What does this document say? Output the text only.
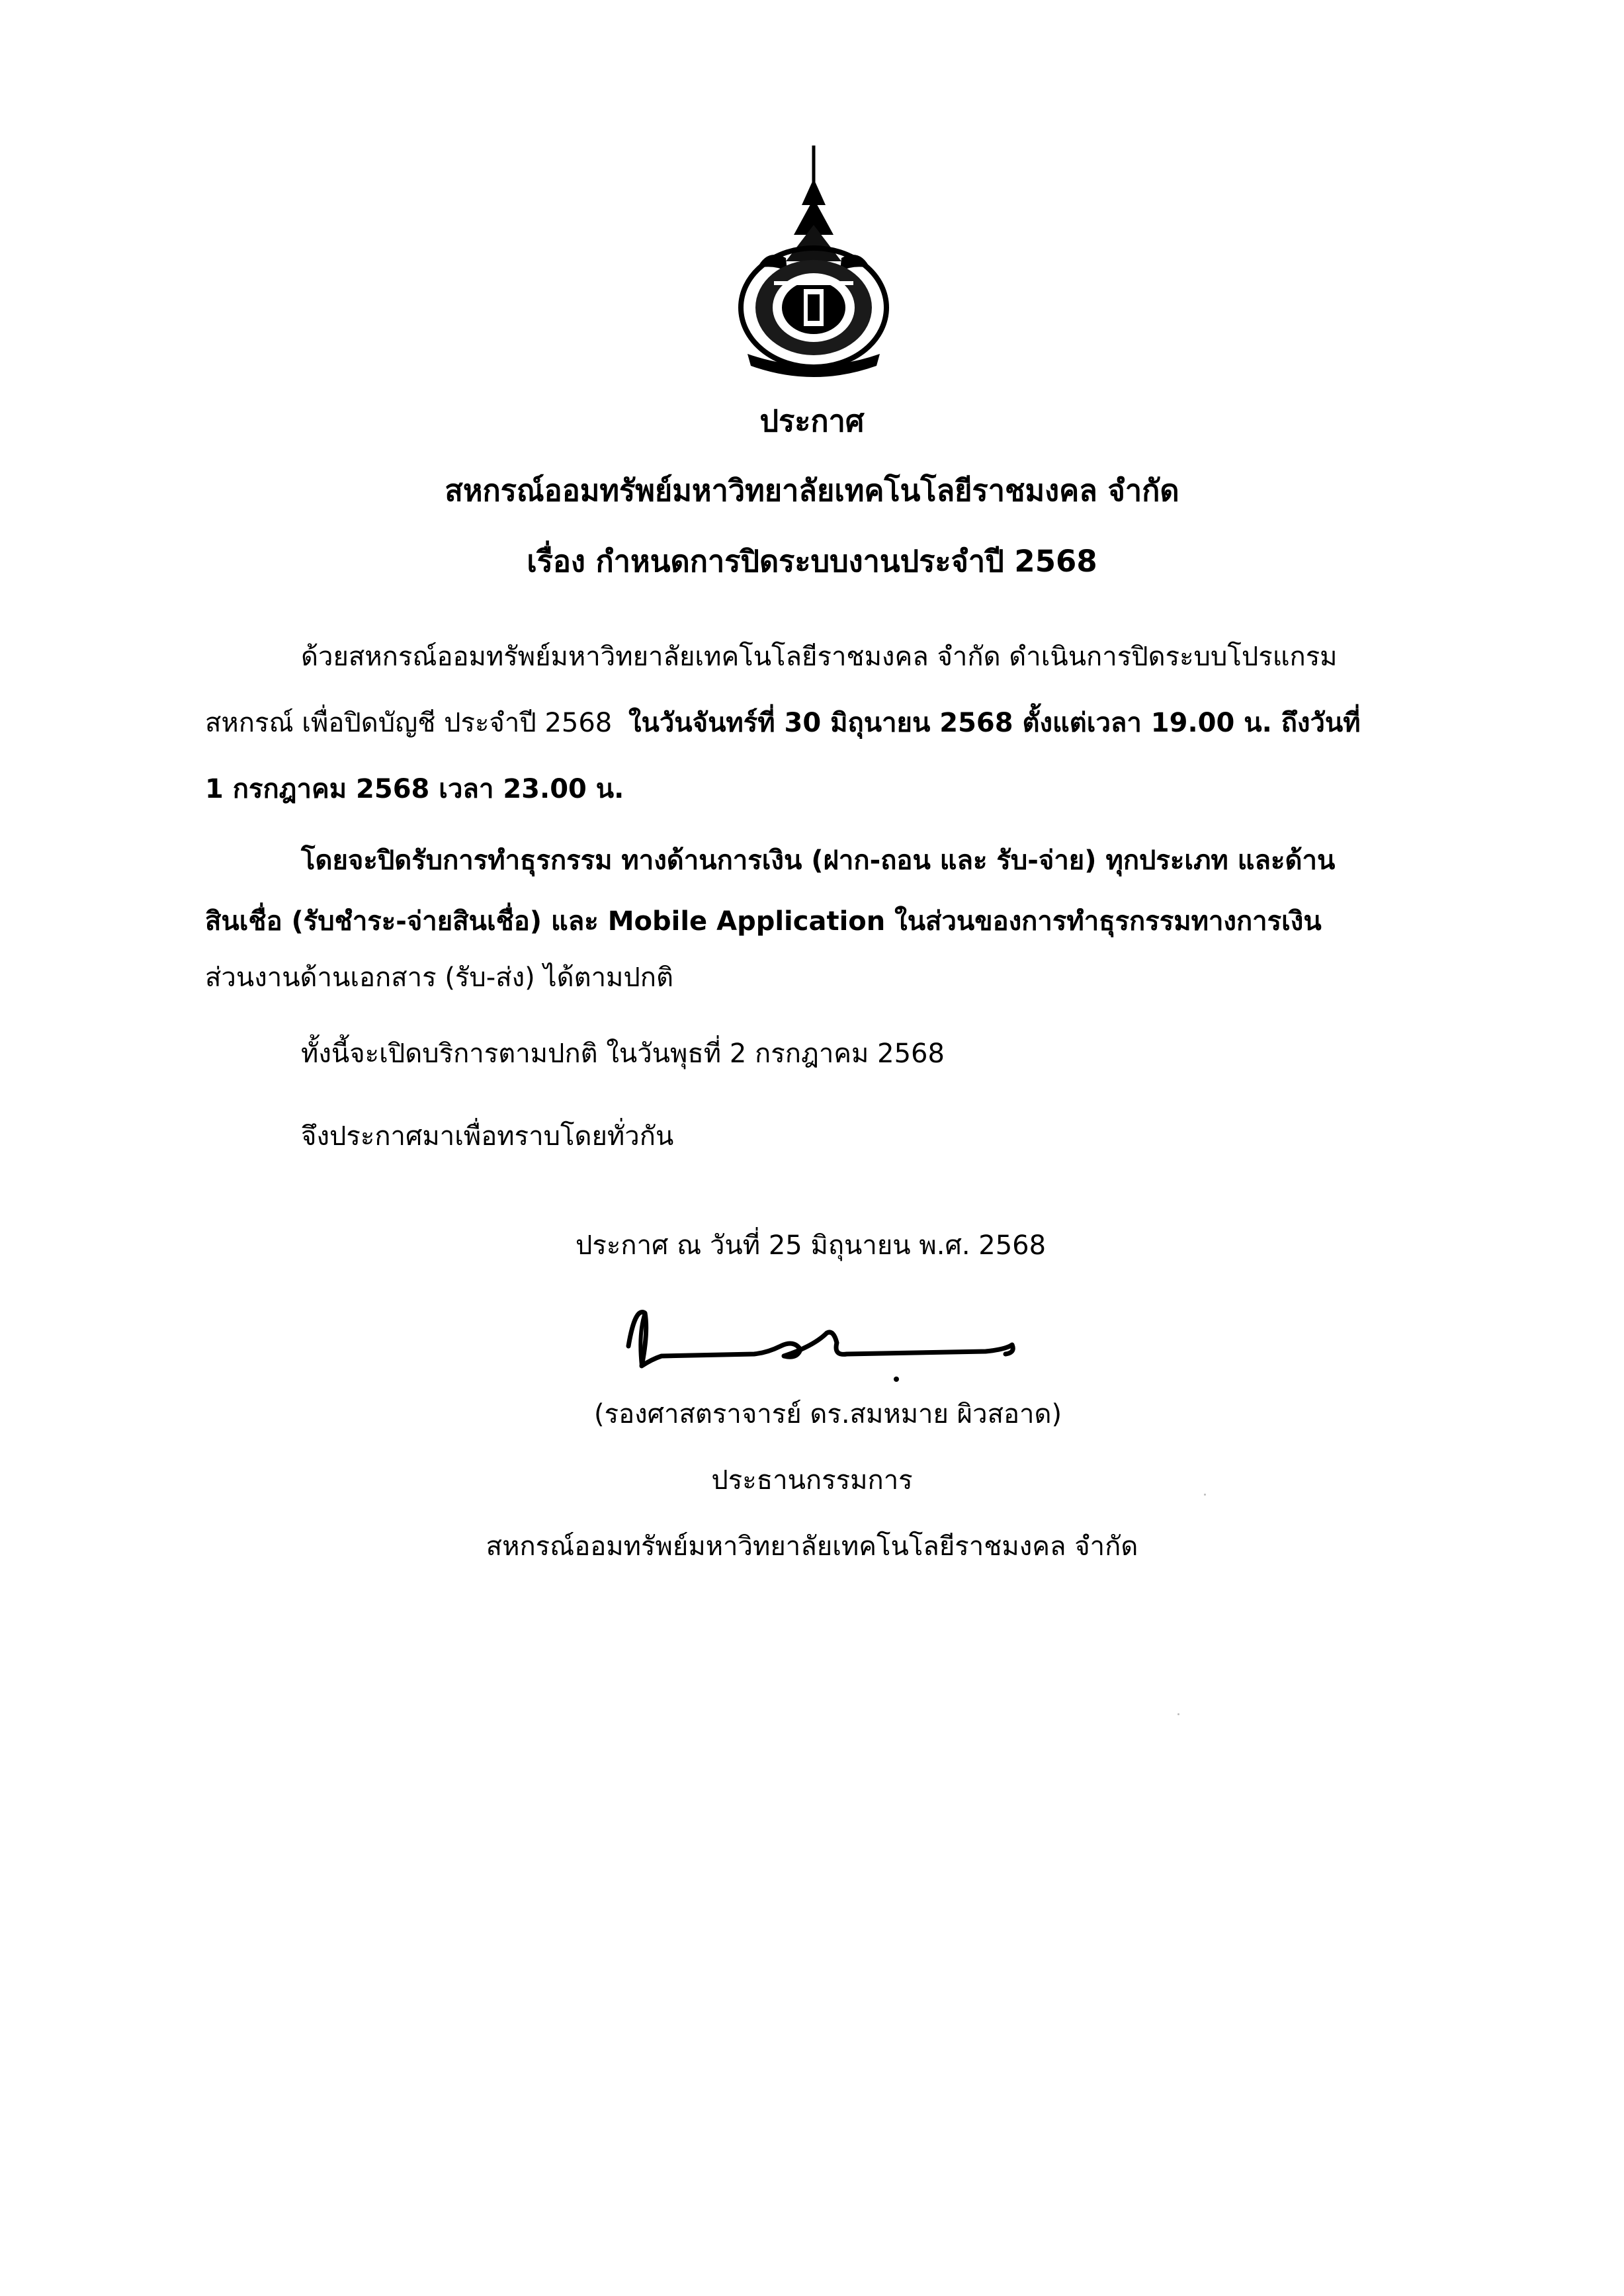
ประกาศ
สหกรณ์ออมทรัพย์มหาวิทยาลัยเทคโนโลยีราชมงคล จำกัด
เรื่อง กำหนดการปิดระบบงานประจำปี 2568
ด้วยสหกรณ์ออมทรัพย์มหาวิทยาลัยเทคโนโลยีราชมงคล จำกัด ดำเนินการปิดระบบโปรแกรม
สหกรณ์ เพื่อปิดบัญชี ประจำปี 2568 ในวันจันทร์ที่ 30 มิถุนายน 2568 ตั้งแต่เวลา 19.00 น. ถึงวันที่
1 กรกฎาคม 2568 เวลา 23.00 น.
โดยจะปิดรับการทำธุรกรรม ทางด้านการเงิน (ฝาก-ถอน และ รับ-จ่าย) ทุกประเภท และด้าน
สินเชื่อ (รับชำระ-จ่ายสินเชื่อ) และ Mobile Application ในส่วนของการทำธุรกรรมทางการเงิน
ส่วนงานด้านเอกสาร (รับ-ส่ง) ได้ตามปกติ
ทั้งนี้จะเปิดบริการตามปกติ ในวันพุธที่ 2 กรกฎาคม 2568
จึงประกาศมาเพื่อทราบโดยทั่วกัน
ประกาศ ณ วันที่ 25 มิถุนายน พ.ศ. 2568
(รองศาสตราจารย์ ดร.สมหมาย ผิวสอาด)
ประธานกรรมการ
สหกรณ์ออมทรัพย์มหาวิทยาลัยเทคโนโลยีราชมงคล จำกัด
